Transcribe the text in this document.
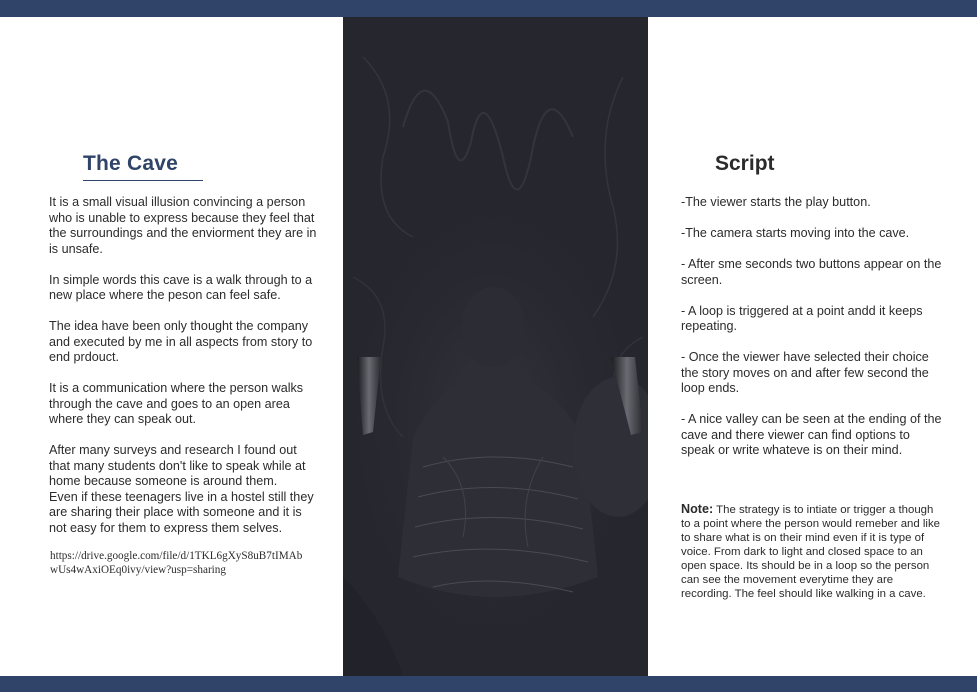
The Cave

It is a small visual illusion convincing a person who is unable to express because they feel that the surroundings and the enviorment they are in is unsafe.

In simple words this cave is a walk through to a new place where the peson can feel safe.

The idea have been only thought the company and executed by me in all aspects from story to end prdouct.

It is a communication where the person walks through the cave and goes to an open area where they can speak out.

After many surveys and research I found out that many students don't like to speak while at home because someone is around them.
Even if these teenagers live in a hostel still they are sharing their place with someone and it is not easy for them to express them selves.

https://drive.google.com/file/d/1TKL6gXyS8uB7tIMAbwUs4wAxiOEq0ivy/view?usp=sharing
Script

-The viewer starts the play button.

-The camera starts moving into the cave.

- After sme seconds two buttons appear on the screen.

- A loop is triggered at a point andd it keeps repeating.

- Once the viewer have selected their choice the story moves on and after few second the loop ends.

- A nice valley can be seen at the ending of the cave and there viewer can find options to speak or write whateve is on their mind.

Note: The strategy is to intiate or trigger a though to a point where the person would remeber and like to share what is on their mind even if it is type of voice. From dark to light and closed space to an open space. Its should be in a loop so the person can see the movement everytime they are recording. The feel should like walking in a cave.
